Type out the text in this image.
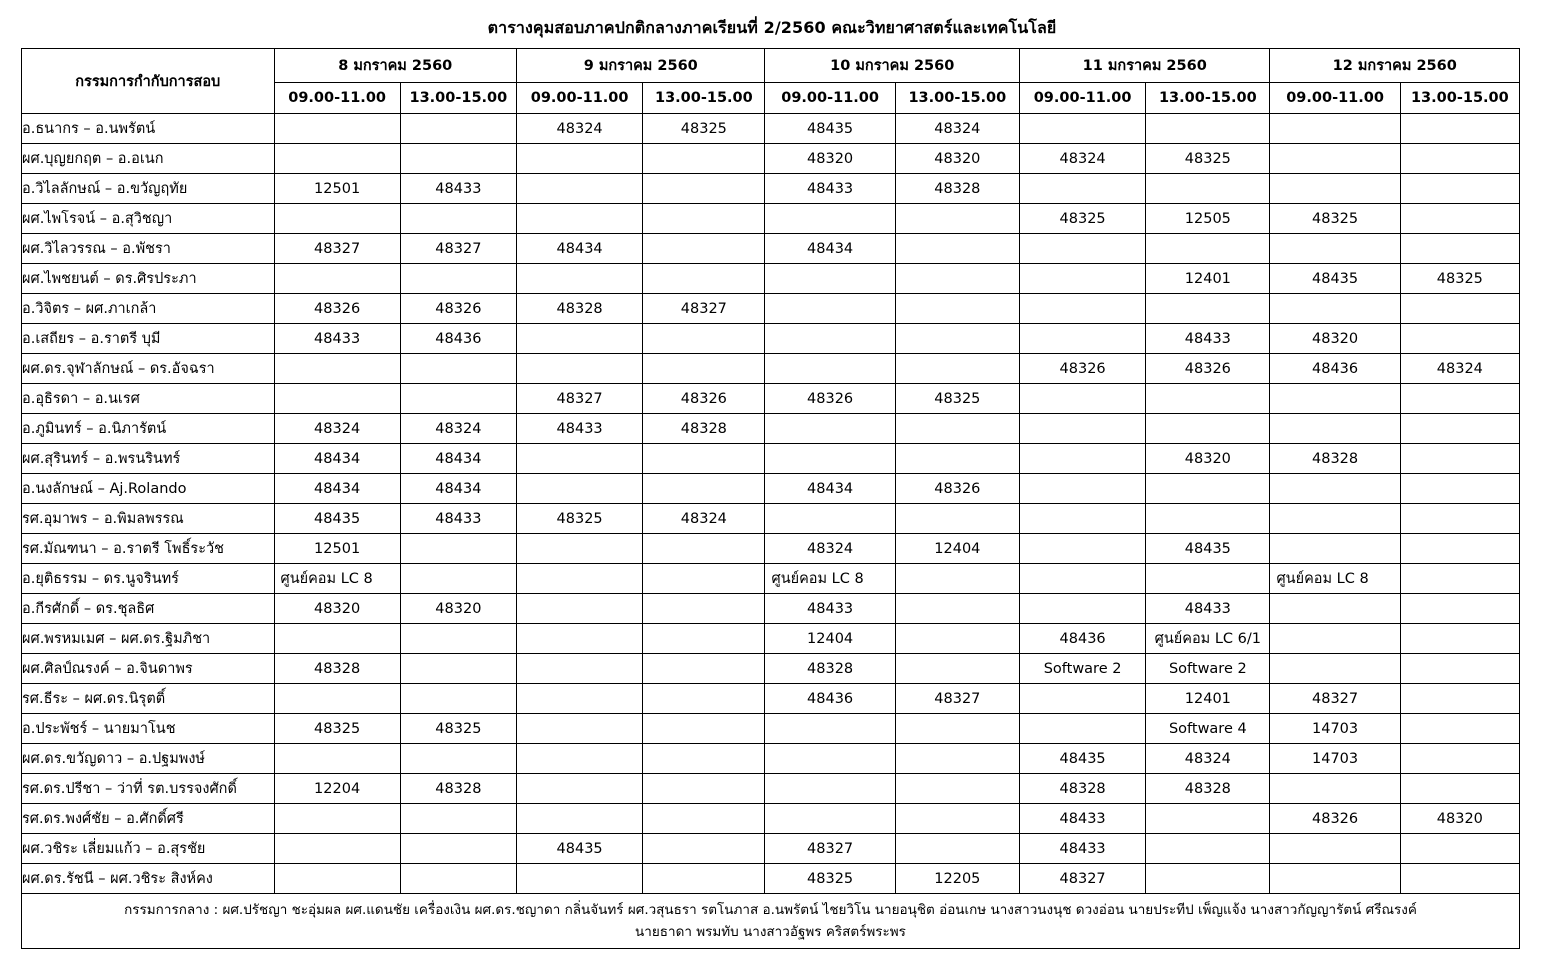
ตารางคุมสอบภาคปกติกลางภาคเรียนที่ 2/2560 คณะวิทยาศาสตร์และเทคโนโลยี
กรรมการกำกับการสอบ	8 มกราคม 2560		9 มกราคม 2560		10 มกราคม 2560		11 มกราคม 2560		12 มกราคม 2560	
	09.00-11.00	13.00-15.00	09.00-11.00	13.00-15.00	09.00-11.00	13.00-15.00	09.00-11.00	13.00-15.00	09.00-11.00	13.00-15.00
อ.ธนากร – อ.นพรัตน์			48324	48325	48435	48324				
ผศ.บุญยกฤต – อ.อเนก					48320	48320	48324	48325		
อ.วิไลลักษณ์ – อ.ขวัญฤทัย	12501	48433			48433	48328				
ผศ.ไพโรจน์ – อ.สุวิชญา							48325	12505	48325	
ผศ.วิไลวรรณ – อ.พัชรา	48327	48327	48434		48434					
ผศ.ไพชยนต์ – ดร.ศิรประภา								12401	48435	48325
อ.วิจิตร – ผศ.ภาเกล้า	48326	48326	48328	48327						
อ.เสถียร – อ.ราตรี บุมี	48433	48436						48433	48320	
ผศ.ดร.จุฬาลักษณ์ – ดร.อัจฉรา							48326	48326	48436	48324
อ.อุธิรดา – อ.นเรศ			48327	48326	48326	48325				
อ.ภูมินทร์ – อ.นิภารัตน์	48324	48324	48433	48328						
ผศ.สุรินทร์ – อ.พรนรินทร์	48434	48434						48320	48328	
อ.นงลักษณ์ – Aj.Rolando	48434	48434			48434	48326				
รศ.อุมาพร – อ.พิมลพรรณ	48435	48433	48325	48324						
รศ.มัณฑนา – อ.ราตรี โพธิ์ระวัช	12501				48324	12404		48435		
อ.ยุติธรรม – ดร.นูจรินทร์	ศูนย์คอม LC 8				ศูนย์คอม LC 8				ศูนย์คอม LC 8	
อ.กีรศักดิ์ – ดร.ชุลธิศ	48320	48320			48433			48433		
ผศ.พรหมเมศ – ผศ.ดร.ฐิมภิชา					12404		48436	ศูนย์คอม LC 6/1		
ผศ.ศิลป์ณรงค์ – อ.จินดาพร	48328				48328		Software 2	Software 2		
รศ.ธีระ – ผศ.ดร.นิรุตติ์					48436	48327		12401	48327	
อ.ประพัชร์ – นายมาโนช	48325	48325						Software 4	14703	
ผศ.ดร.ขวัญดาว – อ.ปฐมพงษ์							48435	48324	14703	
รศ.ดร.ปรีชา – ว่าที่ รต.บรรจงศักดิ์	12204	48328					48328	48328		
รศ.ดร.พงศ์ชัย – อ.ศักดิ์ศรี							48433		48326	48320
ผศ.วชิระ เลี่ยมแก้ว – อ.สุรชัย			48435		48327		48433			
ผศ.ดร.รัชนี – ผศ.วชิระ สิงห์คง					48325	12205	48327			

กรรมการกลาง : ผศ.ปรัชญา ชะอุ่มผล ผศ.แดนชัย เครื่องเงิน ผศ.ดร.ชญาดา กลิ่นจันทร์ ผศ.วสุนธรา รตโนภาส อ.นพรัตน์ ไชยวิโน นายอนุชิต อ่อนเกษ นางสาวนงนุช ดวงอ่อน นายประทีป เพ็ญแจ้ง นางสาวกัญญารัตน์ ศรีณรงค์
นายธาดา พรมทับ นางสาวอัฐพร คริสตร์พระพร										
